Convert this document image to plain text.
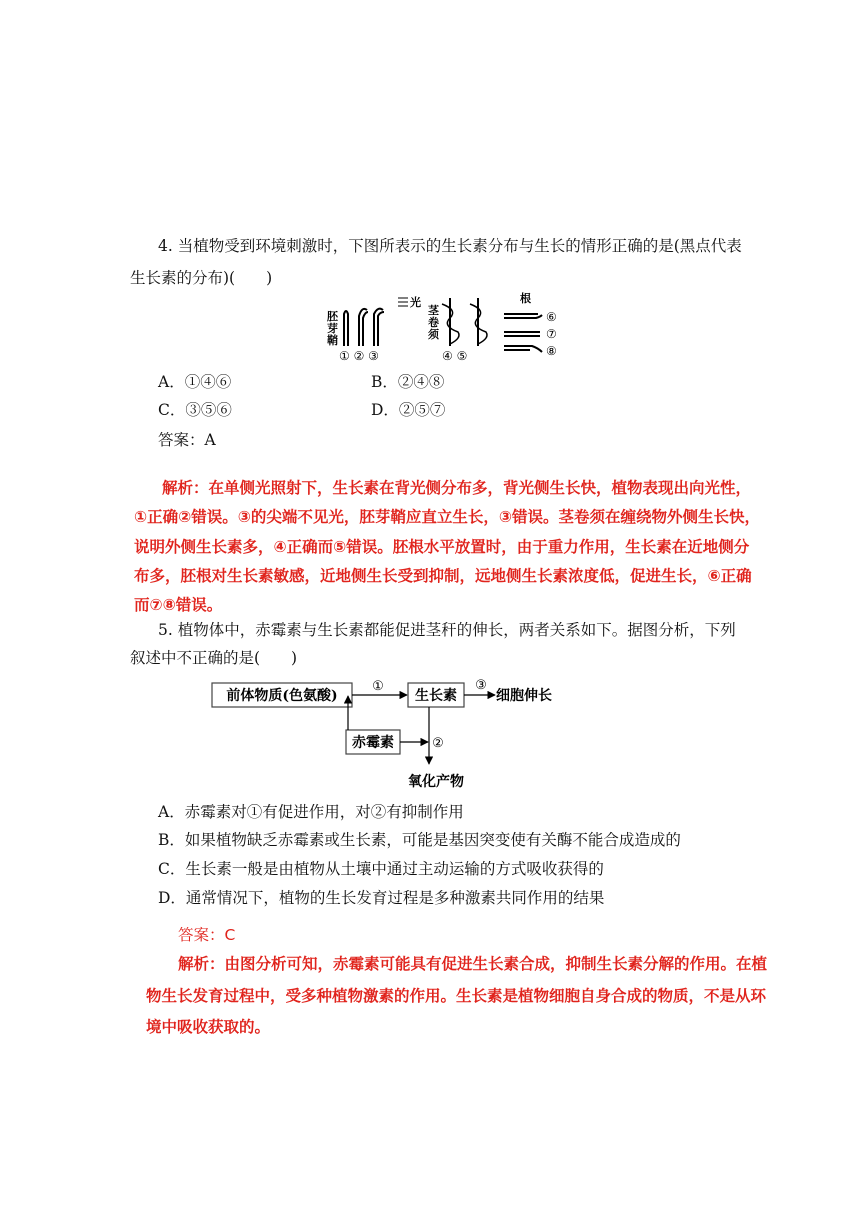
4. 当植物受到环境刺激时，下图所表示的生长素分布与生长的情形正确的是(黑点代表
生长素的分布)(　　)
胚
芽
鞘
① ② ③
光
茎
卷
须
④ ⑤
根
⑥
⑦
⑧
A．①④⑥	B．②④⑧
C．③⑤⑥	D．②⑤⑦
答案：A
解析：在单侧光照射下，生长素在背光侧分布多，背光侧生长快，植物表现出向光性，
①正确②错误。③的尖端不见光，胚芽鞘应直立生长，③错误。茎卷须在缠绕物外侧生长快，
说明外侧生长素多，④正确而⑤错误。胚根水平放置时，由于重力作用，生长素在近地侧分
布多，胚根对生长素敏感，近地侧生长受到抑制，远地侧生长素浓度低，促进生长，⑥正确
而⑦⑧错误。
5. 植物体中，赤霉素与生长素都能促进茎秆的伸长，两者关系如下。据图分析，下列
叙述中不正确的是(　　)
前体物质(色氨酸)
①
生长素
③
细胞伸长
赤霉素	②
氧化产物
A．赤霉素对①有促进作用，对②有抑制作用
B．如果植物缺乏赤霉素或生长素，可能是基因突变使有关酶不能合成造成的
C．生长素一般是由植物从土壤中通过主动运输的方式吸收获得的
D．通常情况下，植物的生长发育过程是多种激素共同作用的结果
答案：C
解析：由图分析可知，赤霉素可能具有促进生长素合成，抑制生长素分解的作用。在植
物生长发育过程中，受多种植物激素的作用。生长素是植物细胞自身合成的物质，不是从环
境中吸收获取的。
